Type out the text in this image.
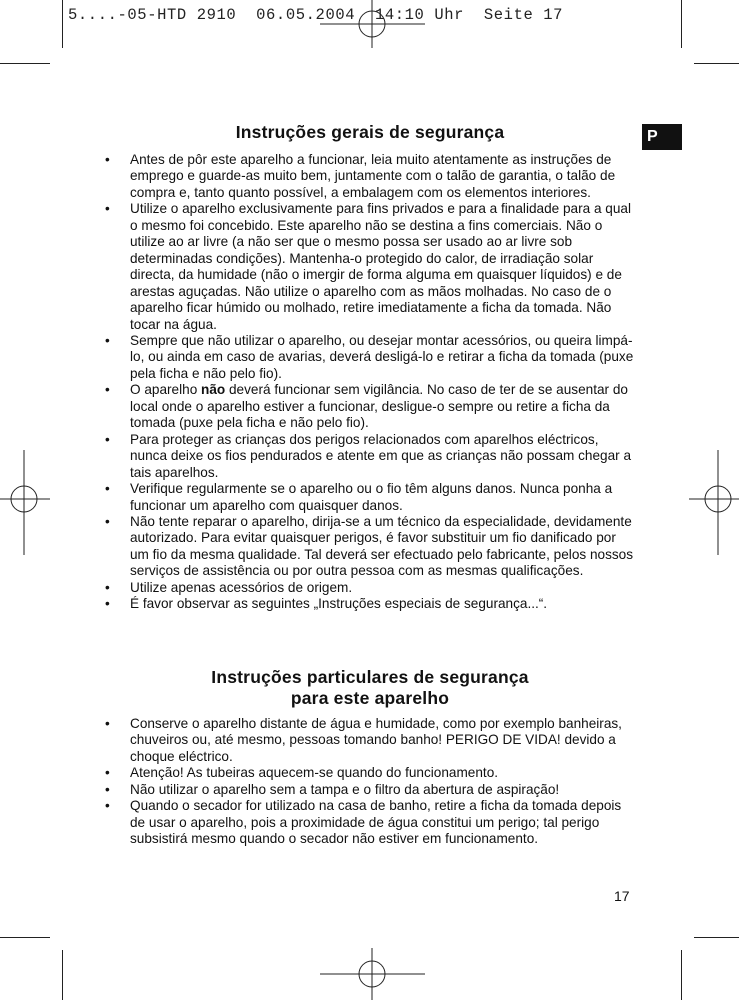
5....-05-HTD 2910  06.05.2004  14:10 Uhr  Seite 17
P
Instruções gerais de segurança
• Antes de pôr este aparelho a funcionar, leia muito atentamente as instruções de emprego e guarde-as muito bem, juntamente com o talão de garantia, o talão de compra e, tanto quanto possível, a embalagem com os elementos interiores.
• Utilize o aparelho exclusivamente para fins privados e para a finalidade para a qual o mesmo foi concebido. Este aparelho não se destina a fins comerciais. Não o utilize ao ar livre (a não ser que o mesmo possa ser usado ao ar livre sob determinadas condições). Mantenha-o protegido do calor, de irradiação solar directa, da humidade (não o imergir de forma alguma em quaisquer líquidos) e de arestas aguçadas. Não utilize o aparelho com as mãos molhadas. No caso de o aparelho ficar húmido ou molhado, retire imediatamente a ficha da tomada. Não tocar na água.
• Sempre que não utilizar o aparelho, ou desejar montar acessórios, ou queira limpá-lo, ou ainda em caso de avarias, deverá desligá-lo e retirar a ficha da tomada (puxe pela ficha e não pelo fio).
• O aparelho não deverá funcionar sem vigilância. No caso de ter de se ausentar do local onde o aparelho estiver a funcionar, desligue-o sempre ou retire a ficha da tomada (puxe pela ficha e não pelo fio).
• Para proteger as crianças dos perigos relacionados com aparelhos eléctricos, nunca deixe os fios pendurados e atente em que as crianças não possam chegar a tais aparelhos.
• Verifique regularmente se o aparelho ou o fio têm alguns danos. Nunca ponha a funcionar um aparelho com quaisquer danos.
• Não tente reparar o aparelho, dirija-se a um técnico da especialidade, devidamente autorizado. Para evitar quaisquer perigos, é favor substituir um fio danificado por um fio da mesma qualidade. Tal deverá ser efectuado pelo fabricante, pelos nossos serviços de assistência ou por outra pessoa com as mesmas qualificações.
• Utilize apenas acessórios de origem.
• É favor observar as seguintes „Instruções especiais de segurança...“.
Instruções particulares de segurança
para este aparelho
• Conserve o aparelho distante de água e humidade, como por exemplo banheiras, chuveiros ou, até mesmo, pessoas tomando banho! PERIGO DE VIDA! devido a choque eléctrico.
• Atenção! As tubeiras aquecem-se quando do funcionamento.
• Não utilizar o aparelho sem a tampa e o filtro da abertura de aspiração!
• Quando o secador for utilizado na casa de banho, retire a ficha da tomada depois de usar o aparelho, pois a proximidade de água constitui um perigo; tal perigo subsistirá mesmo quando o secador não estiver em funcionamento.
17
